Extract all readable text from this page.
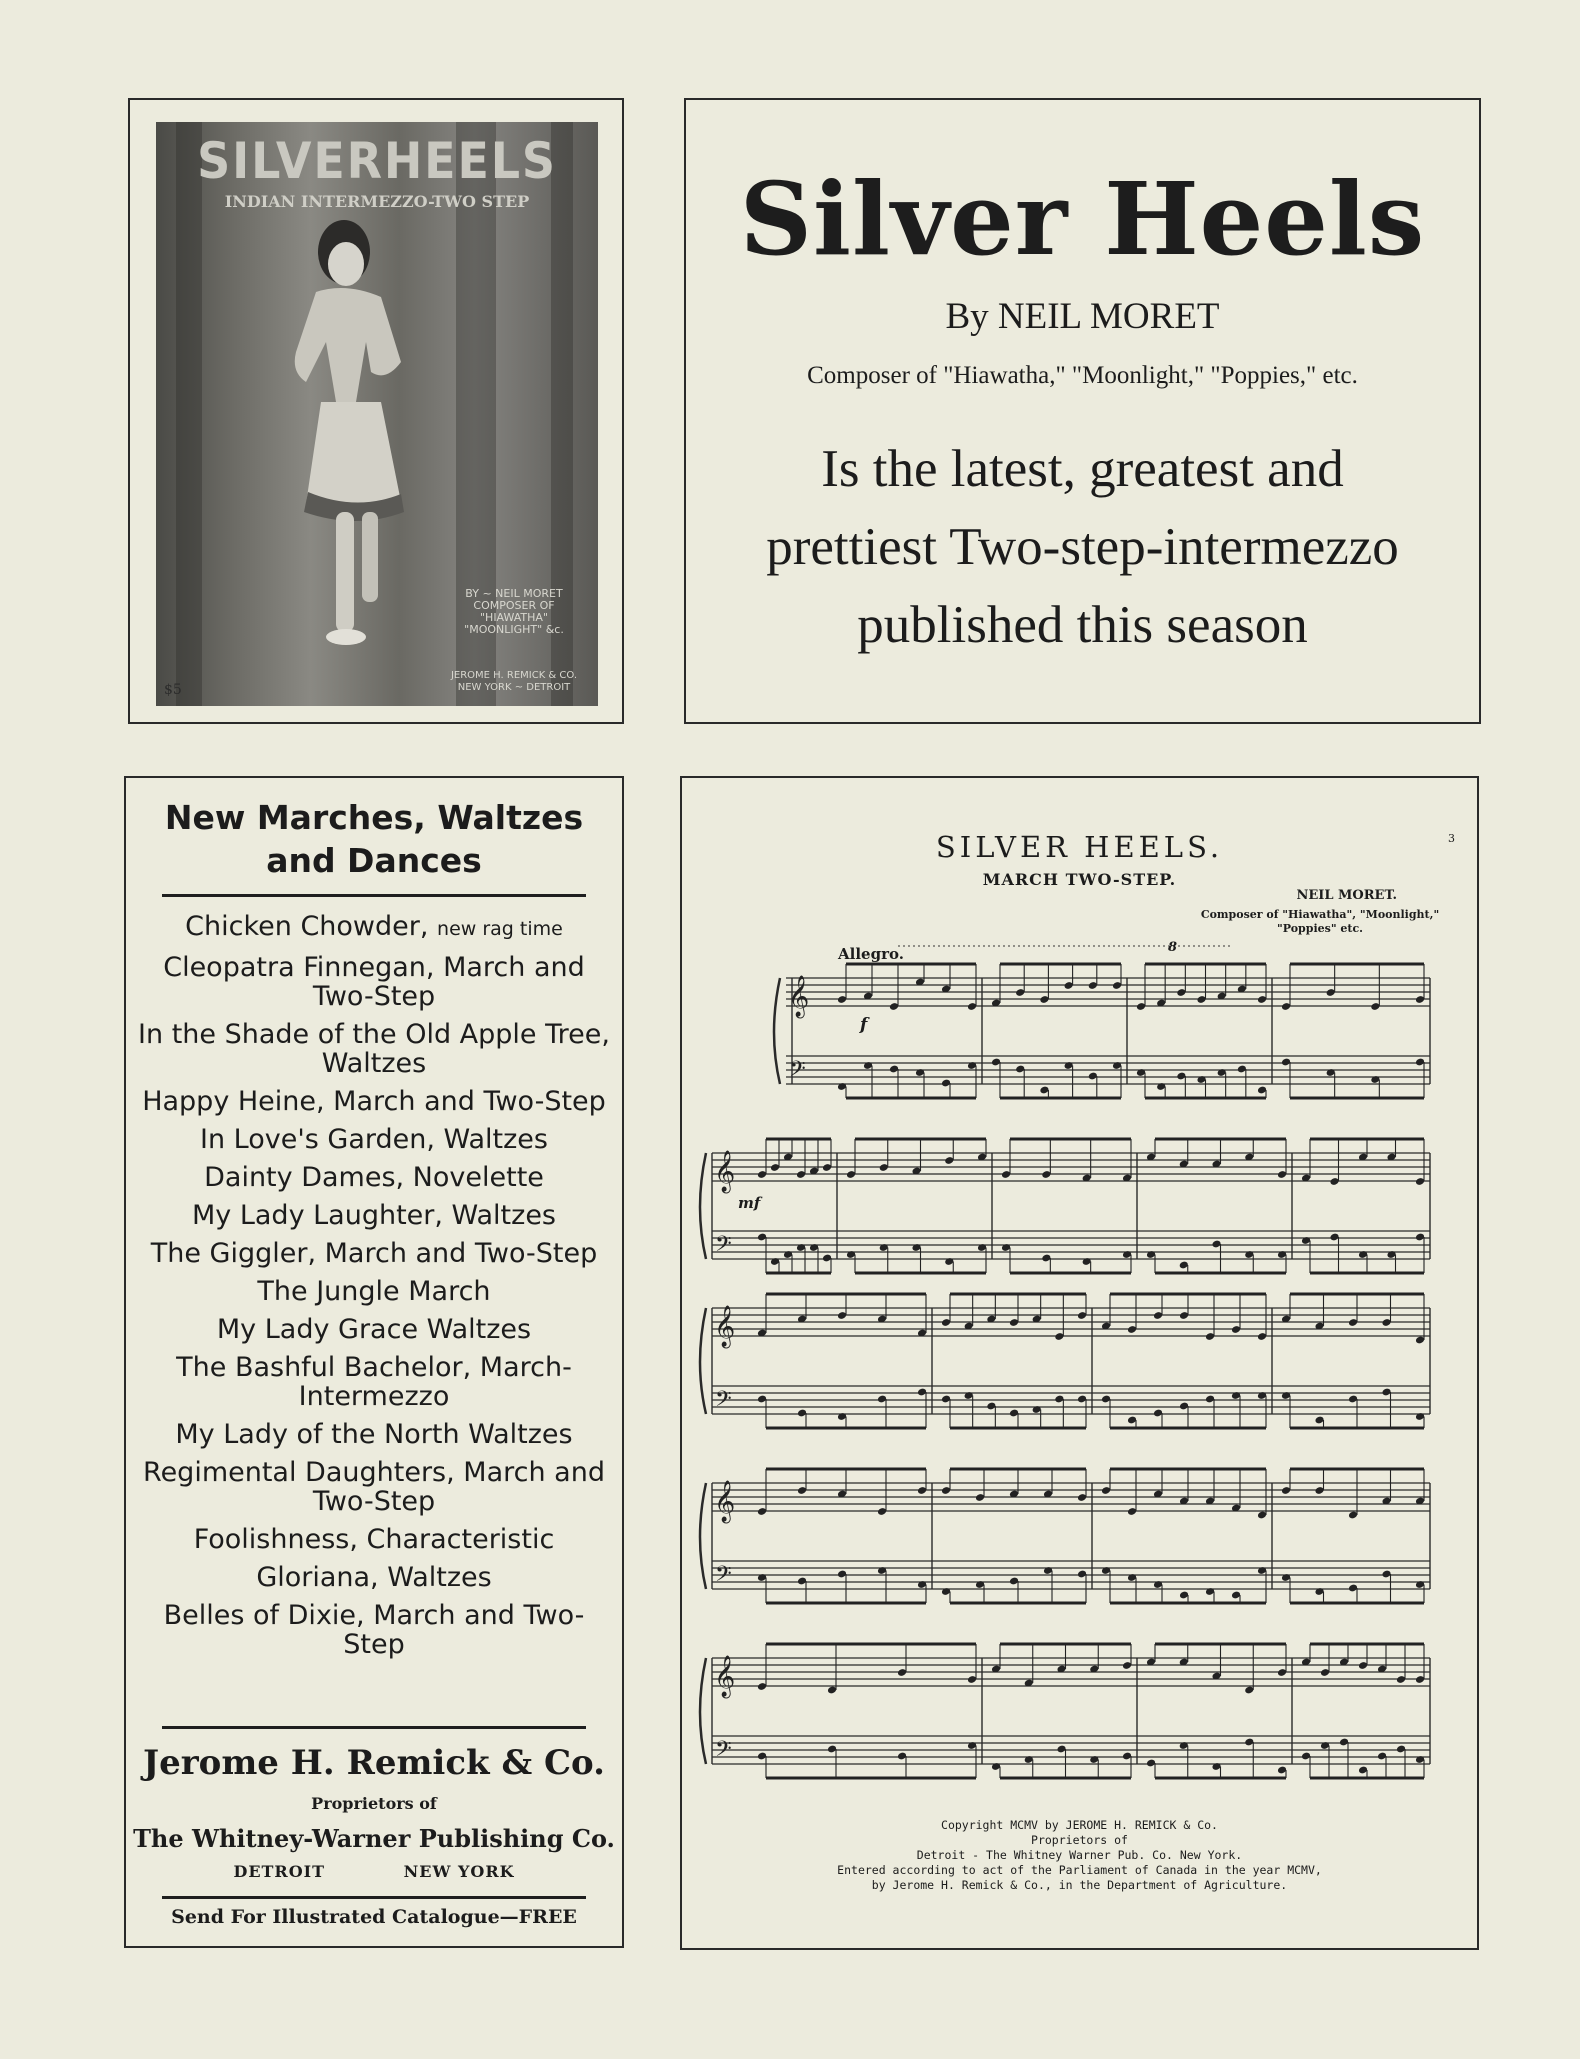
SILVERHEELS
INDIAN INTERMEZZO-TWO STEP
BY ~ NEIL MORET
COMPOSER OF
"HIAWATHA" "MOONLIGHT" &c.
JEROME H. REMICK & CO.
NEW YORK ~ DETROIT
$5
Silver Heels
By NEIL MORET
Composer of "Hiawatha," "Moonlight," "Poppies," etc.
Is the latest, greatest and
prettiest Two-step-intermezzo
published this season
New Marches, Waltzes and Dances
Chicken Chowder, new rag time
Cleopatra Finnegan, March and Two-Step
In the Shade of the Old Apple Tree, Waltzes
Happy Heine, March and Two-Step
In Love's Garden, Waltzes
Dainty Dames, Novelette
My Lady Laughter, Waltzes
The Giggler, March and Two-Step
The Jungle March
My Lady Grace Waltzes
The Bashful Bachelor, March-Intermezzo
My Lady of the North Waltzes
Regimental Daughters, March and Two-Step
Foolishness, Characteristic
Gloriana, Waltzes
Belles of Dixie, March and Two-Step
Jerome H. Remick & Co.
Proprietors of
The Whitney-Warner Publishing Co.
DETROIT	NEW YORK
Send For Illustrated Catalogue—FREE
𝄞
𝄢
𝄞
𝄢
𝄞
𝄢
𝄞
𝄢
𝄞
𝄢
SILVER HEELS.	3
MARCH TWO-STEP.
NEIL MORET.
Composer of "Hiawatha", "Moonlight," "Poppies" etc.
Allegro.	8
f
mf
Copyright MCMV by JEROME H. REMICK & Co.
Proprietors of
Detroit - The Whitney Warner Pub. Co. New York.
Entered according to act of the Parliament of Canada in the year MCMV,
by Jerome H. Remick & Co., in the Department of Agriculture.
